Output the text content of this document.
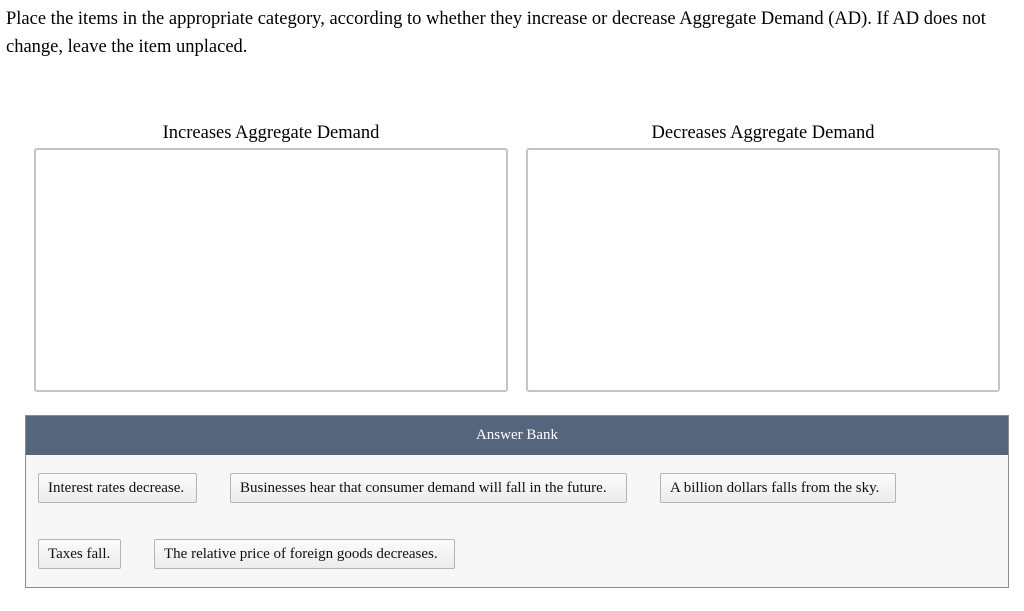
Place the items in the appropriate category, according to whether they increase or decrease Aggregate Demand (AD). If AD does not change, leave the item unplaced.

Increases Aggregate Demand	Decreases Aggregate Demand
Answer Bank
Interest rates decrease.	Businesses hear that consumer demand will fall in the future.	A billion dollars falls from the sky.
Taxes fall.	The relative price of foreign goods decreases.
